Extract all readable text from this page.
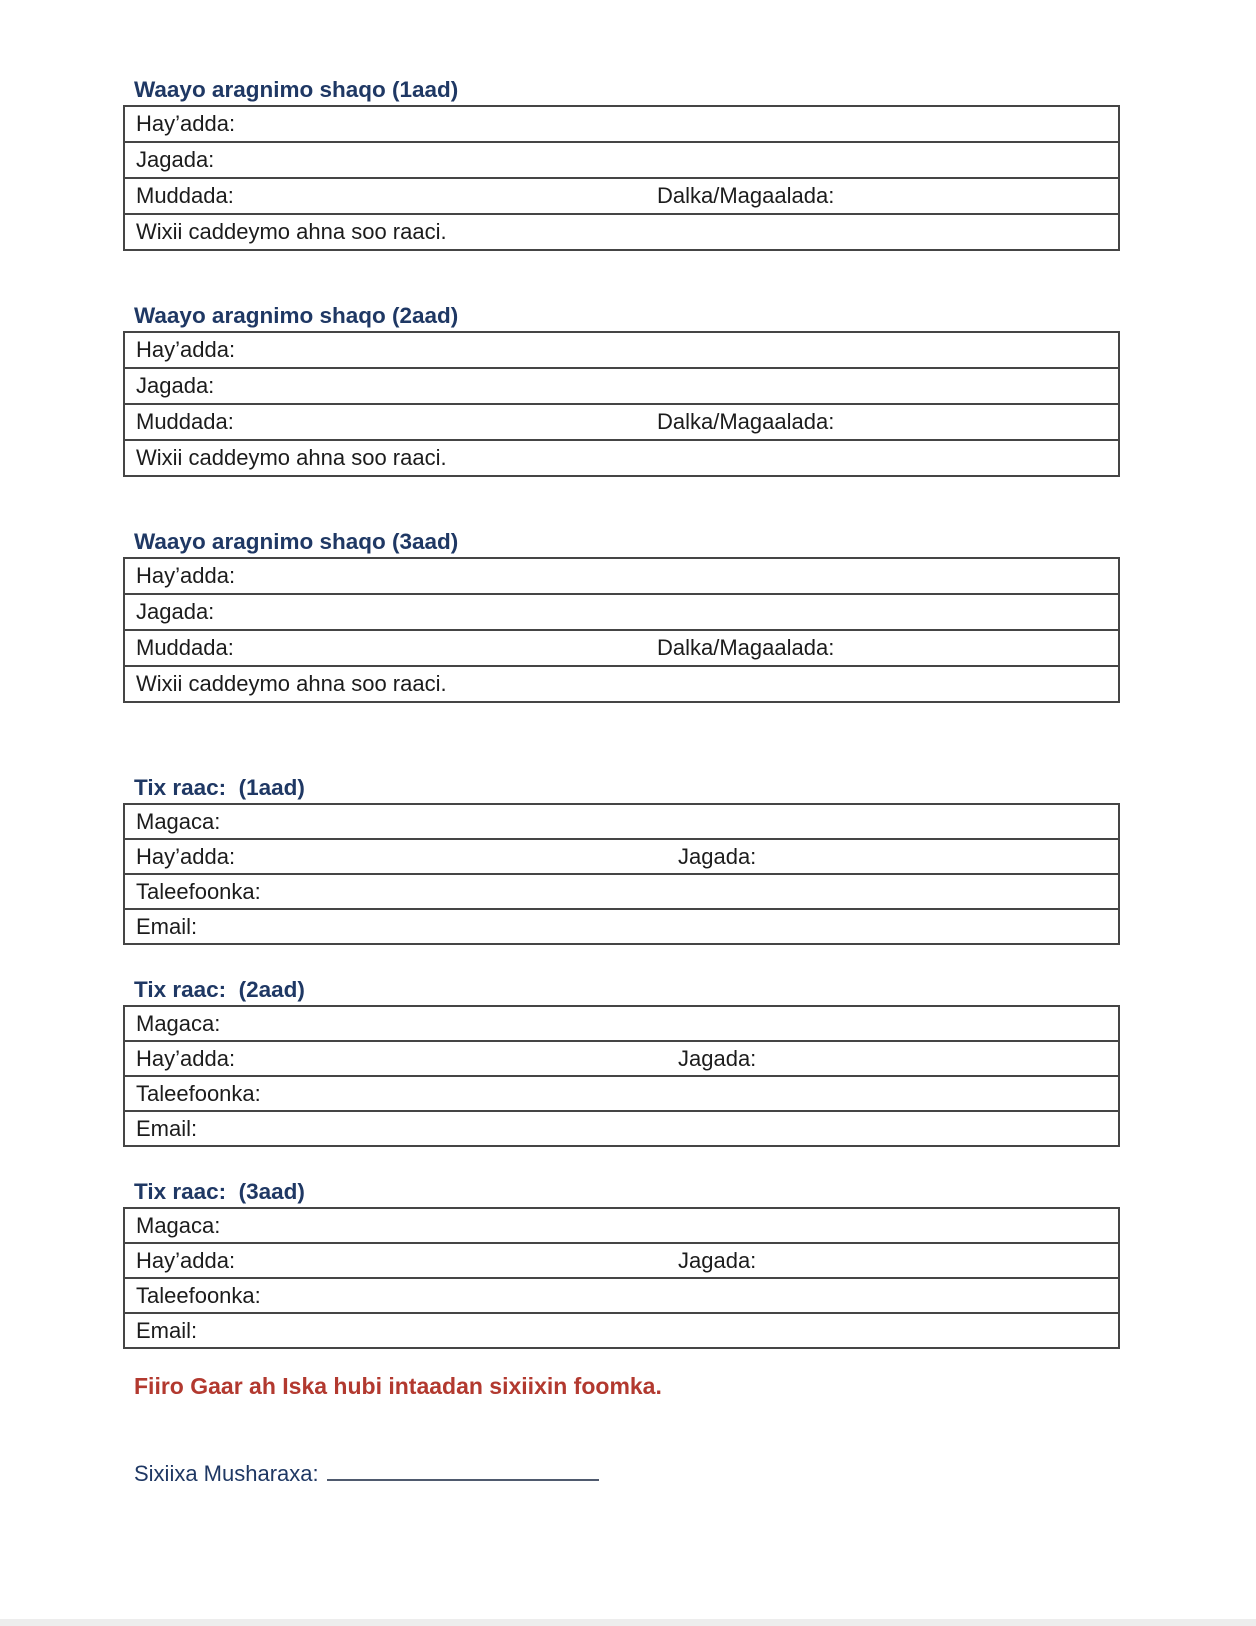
Waayo aragnimo shaqo (1aad)
Hay’adda:
Jagada:
Muddada:	Dalka/Magaalada:
Wixii caddeymo ahna soo raaci.
Waayo aragnimo shaqo (2aad)
Hay’adda:
Jagada:
Muddada:	Dalka/Magaalada:
Wixii caddeymo ahna soo raaci.
Waayo aragnimo shaqo (3aad)
Hay’adda:
Jagada:
Muddada:	Dalka/Magaalada:
Wixii caddeymo ahna soo raaci.
Tix raac:  (1aad)
Magaca:
Hay’adda:	Jagada:
Taleefoonka:
Email:
Tix raac:  (2aad)
Magaca:
Hay’adda:	Jagada:
Taleefoonka:
Email:
Tix raac:  (3aad)
Magaca:
Hay’adda:	Jagada:
Taleefoonka:
Email:

Fiiro Gaar ah Iska hubi intaadan sixiixin foomka.

Sixiixa Musharaxa:
